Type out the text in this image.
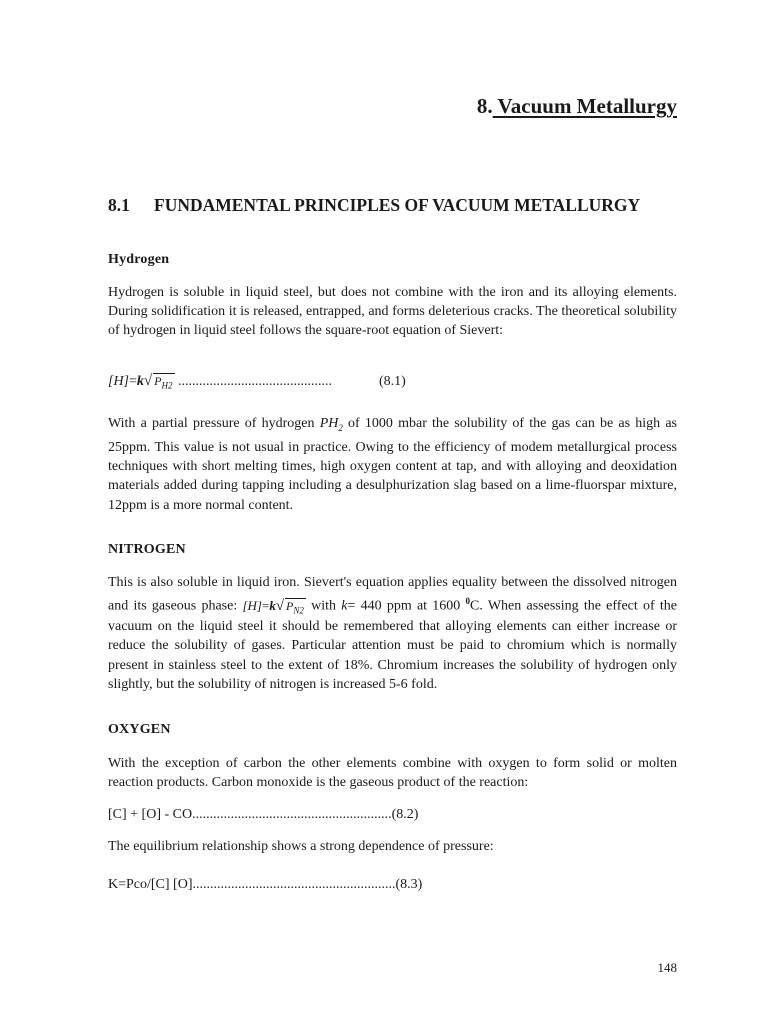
8. Vacuum Metallurgy
8.1	FUNDAMENTAL PRINCIPLES OF VACUUM METALLURGY
Hydrogen

Hydrogen is soluble in liquid steel, but does not combine with the iron and its alloying elements. During solidification it is released, entrapped, and forms deleterious cracks. The theoretical solubility of hydrogen in liquid steel follows the square-root equation of Sievert:

[H]=k√ $P_{H2}$ ............................................	(8.1)

With a partial pressure of hydrogen $PH_2$ of 1000 mbar the solubility of the gas can be as high as 25ppm. This value is not usual in practice. Owing to the efficiency of modem metallurgical process techniques with short melting times, high oxygen content at tap, and with alloying and deoxidation materials added during tapping including a desulphurization slag based on a lime-fluorspar mixture, 12ppm is a more normal content.

NITROGEN

This is also soluble in liquid iron. Sievert's equation applies equality between the dissolved nitrogen and its gaseous phase: [H]=k√ $P_{N2}$ with k= 440 ppm at 1600 $^0$C. When assessing the effect of the vacuum on the liquid steel it should be remembered that alloying elements can either increase or reduce the solubility of gases. Particular attention must be paid to chromium which is normally present in stainless steel to the extent of 18%. Chromium increases the solubility of hydrogen only slightly, but the solubility of nitrogen is increased 5-6 fold.

OXYGEN

With the exception of carbon the other elements combine with oxygen to form solid or molten reaction products. Carbon monoxide is the gaseous product of the reaction:

[C] + [O] - CO.........................................................(8.2)

The equilibrium relationship shows a strong dependence of pressure:

K=Pco/[C] [O]..........................................................(8.3)
148
